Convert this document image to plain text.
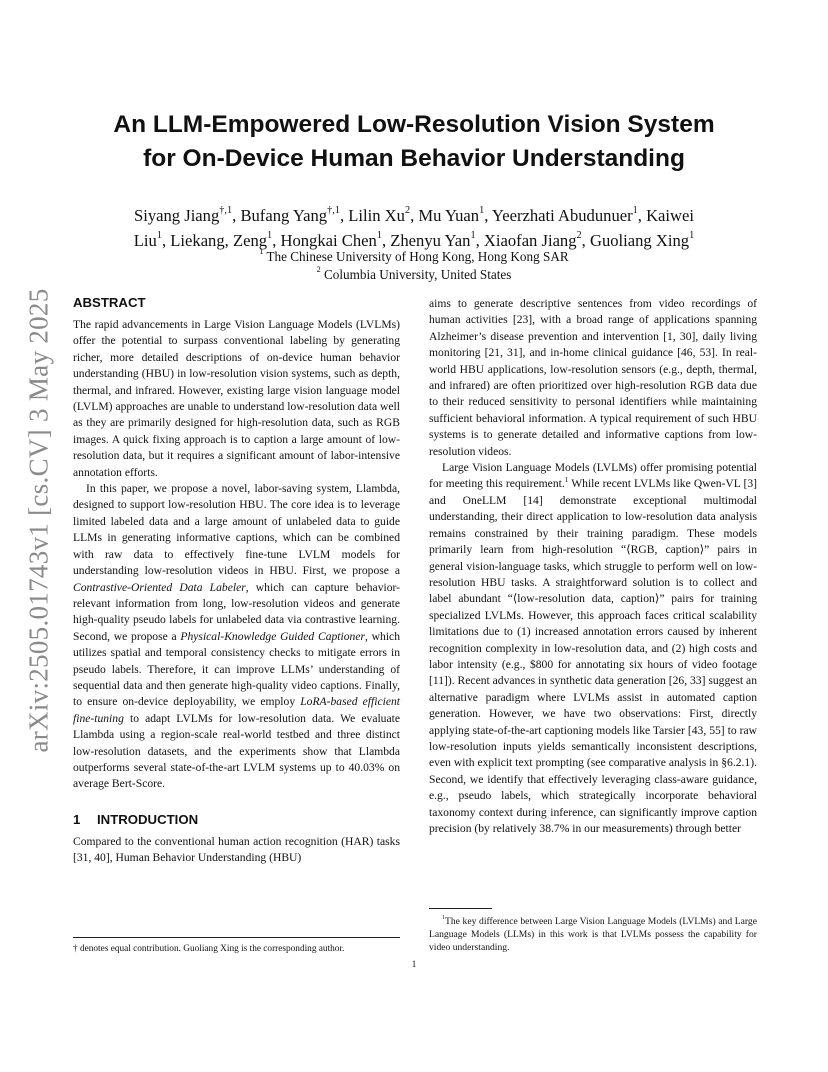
arXiv:2505.01743v1 [cs.CV] 3 May 2025
An LLM-Empowered Low-Resolution Vision System
for On-Device Human Behavior Understanding
Siyang Jiang$^{\dagger,1}$, Bufang Yang$^{\dagger,1}$, Lilin Xu$^2$, Mu Yuan$^1$, Yeerzhati Abudunuer$^1$, Kaiwei
Liu$^1$, Liekang, Zeng$^1$, Hongkai Chen$^1$, Zhenyu Yan$^1$, Xiaofan Jiang$^2$, Guoliang Xing$^1$
$^1$ The Chinese University of Hong Kong, Hong Kong SAR
$^2$ Columbia University, United States
ABSTRACT

The rapid advancements in Large Vision Language Models (LVLMs) offer the potential to surpass conventional labeling by generating richer, more detailed descriptions of on-device human behavior understanding (HBU) in low-resolution vision systems, such as depth, thermal, and infrared. However, existing large vision language model (LVLM) approaches are unable to understand low-resolution data well as they are primarily designed for high-resolution data, such as RGB images. A quick fixing approach is to caption a large amount of low-resolution data, but it requires a significant amount of labor-intensive annotation efforts.

In this paper, we propose a novel, labor-saving system, Llambda, designed to support low-resolution HBU. The core idea is to leverage limited labeled data and a large amount of unlabeled data to guide LLMs in generating informative captions, which can be combined with raw data to effectively fine-tune LVLM models for understanding low-resolution videos in HBU. First, we propose a Contrastive-Oriented Data Labeler, which can capture behavior-relevant information from long, low-resolution videos and generate high-quality pseudo labels for unlabeled data via contrastive learning. Second, we propose a Physical-Knowledge Guided Captioner, which utilizes spatial and temporal consistency checks to mitigate errors in pseudo labels. Therefore, it can improve LLMs’ understanding of sequential data and then generate high-quality video captions. Finally, to ensure on-device deployability, we employ LoRA-based efficient fine-tuning to adapt LVLMs for low-resolution data. We evaluate Llambda using a region-scale real-world testbed and three distinct low-resolution datasets, and the experiments show that Llambda outperforms several state-of-the-art LVLM systems up to 40.03% on average Bert-Score.

1 INTRODUCTION

Compared to the conventional human action recognition (HAR) tasks [31, 40], Human Behavior Understanding (HBU)

aims to generate descriptive sentences from video recordings of human activities [23], with a broad range of applications spanning Alzheimer’s disease prevention and intervention [1, 30], daily living monitoring [21, 31], and in-home clinical guidance [46, 53]. In real-world HBU applications, low-resolution sensors (e.g., depth, thermal, and infrared) are often prioritized over high-resolution RGB data due to their reduced sensitivity to personal identifiers while maintaining sufficient behavioral information. A typical requirement of such HBU systems is to generate detailed and informative captions from low-resolution videos.

Large Vision Language Models (LVLMs) offer promising potential for meeting this requirement.$^1$ While recent LVLMs like Qwen-VL [3] and OneLLM [14] demonstrate exceptional multimodal understanding, their direct application to low-resolution data analysis remains constrained by their training paradigm. These models primarily learn from high-resolution “⟨RGB, caption⟩” pairs in general vision-language tasks, which struggle to perform well on low-resolution HBU tasks. A straightforward solution is to collect and label abundant “⟨low-resolution data, caption⟩” pairs for training specialized LVLMs. However, this approach faces critical scalability limitations due to (1) increased annotation errors caused by inherent recognition complexity in low-resolution data, and (2) high costs and labor intensity (e.g., $800 for annotating six hours of video footage [11]). Recent advances in synthetic data generation [26, 33] suggest an alternative paradigm where LVLMs assist in automated caption generation. However, we have two observations: First, directly applying state-of-the-art captioning models like Tarsier [43, 55] to raw low-resolution inputs yields semantically inconsistent descriptions, even with explicit text prompting (see comparative analysis in §6.2.1). Second, we identify that effectively leveraging class-aware guidance, e.g., pseudo labels, which strategically incorporate behavioral taxonomy context during inference, can significantly improve caption precision (by relatively 38.7% in our measurements) through better

† denotes equal contribution. Guoliang Xing is the corresponding author.

$^1$The key difference between Large Vision Language Models (LVLMs) and Large Language Models (LLMs) in this work is that LVLMs possess the capability for video understanding.

1
